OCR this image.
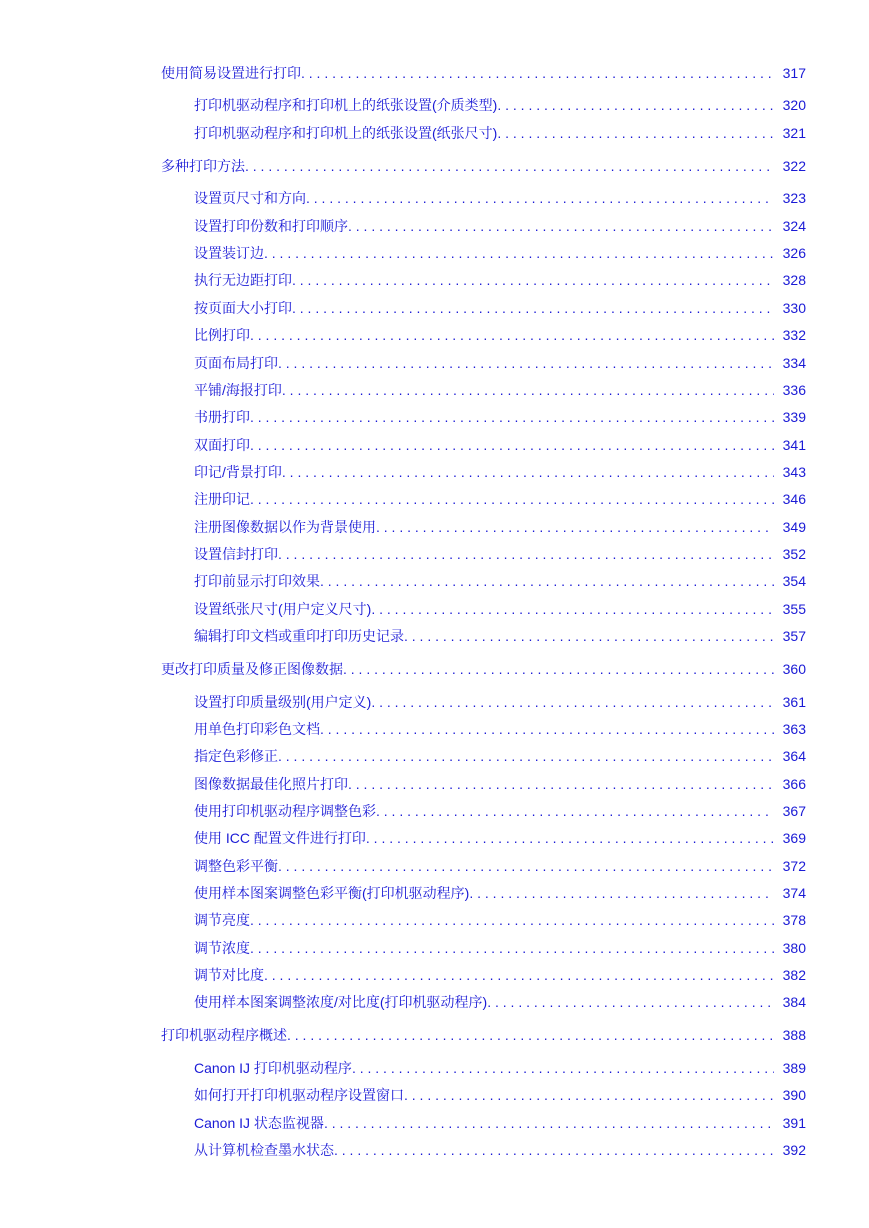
使用简易设置进行打印 . . .	317
打印机驱动程序和打印机上的纸张设置(介质类型) . . .	320
打印机驱动程序和打印机上的纸张设置(纸张尺寸) . . .	321
多种打印方法 . . .	322
设置页尺寸和方向 . . .	323
设置打印份数和打印顺序 . . .	324
设置装订边 . . .	326
执行无边距打印 . . .	328
按页面大小打印 . . .	330
比例打印 . . .	332
页面布局打印 . . .	334
平铺/海报打印 . . .	336
书册打印 . . .	339
双面打印 . . .	341
印记/背景打印 . . .	343
注册印记 . . .	346
注册图像数据以作为背景使用 . . .	349
设置信封打印 . . .	352
打印前显示打印效果 . . .	354
设置纸张尺寸(用户定义尺寸) . . .	355
编辑打印文档或重印打印历史记录 . . .	357
更改打印质量及修正图像数据 . . .	360
设置打印质量级别(用户定义) . . .	361
用单色打印彩色文档 . . .	363
指定色彩修正 . . .	364
图像数据最佳化照片打印 . . .	366
使用打印机驱动程序调整色彩 . . .	367
使用 ICC 配置文件进行打印 . . .	369
调整色彩平衡 . . .	372
使用样本图案调整色彩平衡(打印机驱动程序) . . .	374
调节亮度 . . .	378
调节浓度 . . .	380
调节对比度 . . .	382
使用样本图案调整浓度/对比度(打印机驱动程序) . . .	384
打印机驱动程序概述 . . .	388
Canon IJ 打印机驱动程序 . . .	389
如何打开打印机驱动程序设置窗口 . . .	390
Canon IJ 状态监视器 . . .	391
从计算机检查墨水状态 . . .	392
